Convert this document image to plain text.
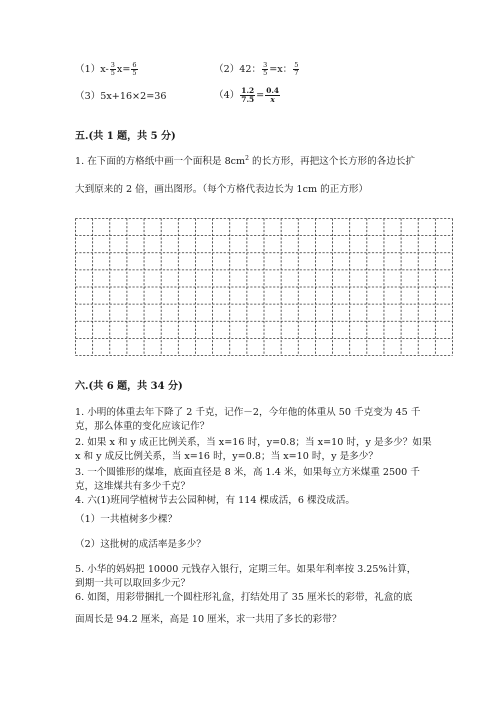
$(1)x- \frac{3}{5} x= \frac{6}{5}$	（2）42： $\frac{3}{5} =x$： $\frac{5}{7}$
（3）5x+16×2=36	$(4) \frac{1.2}{7.5} = \frac{0.4}{x}$
五.(共 1 题，共 5 分)
1. 在下面的方格纸中画一个面积是 $8cm^2$ 的长方形，再把这个长方形的各边长扩
大到原来的 2 倍，画出图形。（每个方格代表边长为 1cm 的正方形）
六.(共 6 题，共 34 分)
1. 小明的体重去年下降了 2 千克，记作－2，今年他的体重从 50 千克变为 45 千
克，那么体重的变化应该记作？
2. 如果 x 和 y 成正比例关系，当 x=16 时，y=0.8；当 x=10 时，y 是多少？如果
x 和 y 成反比例关系，当 x=16 时，y=0.8；当 x=10 时，y 是多少？
3. 一个圆锥形的煤堆，底面直径是 8 米，高 1.4 米，如果每立方米煤重 2500 千
克，这堆煤共有多少千克？
4. 六(1)班同学植树节去公园种树，有 114 棵成活，6 棵没成活。
（1）一共植树多少棵？
（2）这批树的成活率是多少？
5. 小华的妈妈把 10000 元钱存入银行，定期三年。如果年利率按 3.25%计算，
到期一共可以取回多少元？
6. 如图，用彩带捆扎一个圆柱形礼盒，打结处用了 35 厘米长的彩带，礼盒的底
面周长是 94.2 厘米，高是 10 厘米，求一共用了多长的彩带？
